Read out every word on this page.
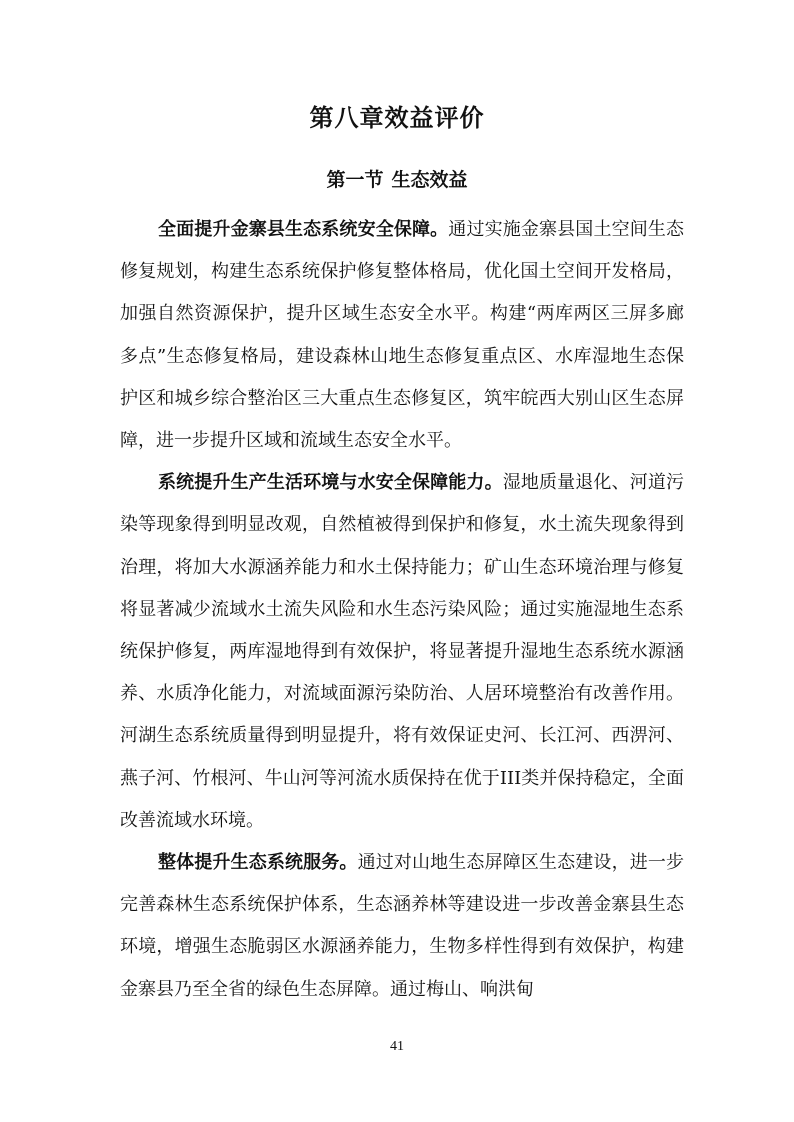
第八章效益评价
第一节 生态效益

全面提升金寨县生态系统安全保障。通过实施金寨县国土空间生态修复规划，构建生态系统保护修复整体格局，优化国土空间开发格局，加强自然资源保护，提升区域生态安全水平。构建“两库两区三屏多廊多点”生态修复格局，建设森林山地生态修复重点区、水库湿地生态保护区和城乡综合整治区三大重点生态修复区，筑牢皖西大别山区生态屏障，进一步提升区域和流域生态安全水平。

系统提升生产生活环境与水安全保障能力。湿地质量退化、河道污染等现象得到明显改观，自然植被得到保护和修复，水土流失现象得到治理，将加大水源涵养能力和水土保持能力；矿山生态环境治理与修复将显著减少流域水土流失风险和水生态污染风险；通过实施湿地生态系统保护修复，两库湿地得到有效保护，将显著提升湿地生态系统水源涵养、水质净化能力，对流域面源污染防治、人居环境整治有改善作用。河湖生态系统质量得到明显提升，将有效保证史河、长江河、西淠河、燕子河、竹根河、牛山河等河流水质保持在优于III类并保持稳定，全面改善流域水环境。

整体提升生态系统服务。通过对山地生态屏障区生态建设，进一步完善森林生态系统保护体系，生态涵养林等建设进一步改善金寨县生态环境，增强生态脆弱区水源涵养能力，生物多样性得到有效保护，构建金寨县乃至全省的绿色生态屏障。通过梅山、响洪甸

41
